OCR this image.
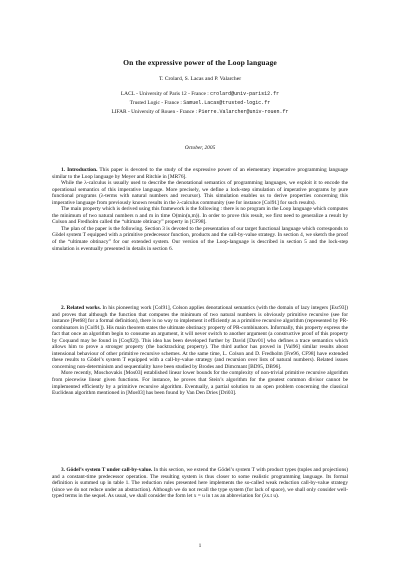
On the expressive power of the Loop language
T. Crolard, S. Lacas and P. Valarcher
LACL - University of Paris 12 - France : crolard@univ-paris12.fr
Trusted Logic - France : Samuel.Lacas@trusted-logic.fr
LIFAR - University of Rouen - France : Pierre.Valarcher@univ-rouen.fr
October, 2005

1. Introduction. This paper is devoted to the study of the expressive power of an elementary imperative programming language similar to the Loop language by Meyer and Ritchie in [MR76].

While the λ-calculus is usually used to describe the denotational semantics of programming languages, we exploit it to encode the operational semantics of this imperative language. More precisely, we define a lock-step simulation of imperative programs by pure functional programs (λ-terms with natural numbers and recursor). This simulation enables us to derive properties concerning this imperative language from previously known results in the λ-calculus community (see for instance [Col91] for such results).

The main property which is derived using this framework is the following : there is no program in the Loop language which computes the minimum of two natural numbers n and m in time O(min(n,m)). In order to prove this result, we first need to generalize a result by Colson and Fredholm called the “ultimate obtinacy” property in [CF98].

The plan of the paper is the following. Section 3 is devoted to the presentation of our target functional language which corresponds to Gödel system T equipped with a primitive predecessor function, products and the call-by-value strategy. In section 4, we sketch the proof of the “ultimate obtinacy” for our extended system. Our version of the Loop-language is described in section 5 and the lock-step simulation is eventually presented in details in section 6.

2. Related works. In his pioneering work [Col91], Colson applies denotational semantics (with the domain of lazy integers [Esc93]) and proves that although the function that computes the minimum of two natural numbers is obviously primitive recursive (see for instance [Pet68] for a formal definition), there is no way to implement it efficiently as a primitive recursive algorithm (represented by PR-combinators in [Col91]). His main theorem states the ultimate obstinacy property of PR-combinators. Informally, this property express the fact that once an algorithm begin to consume an argument, it will never switch to another argument (a constructive proof of this property by Coquand may be found in [Coq92]). This idea has been developed further by David [Dav01] who defines a trace semantics which allows him to prove a stronger property (the backtracking property). The third author has proved in [Val96] similar results about intensional behaviour of other primitive recursive schemes. At the same time, L. Colson and D. Fredholm [Fre96, CF98] have extended these results to Gödel’s system T equipped with a call-by-value strategy (and recursion over lists of natural numbers). Related issues concerning non-determinism and sequentiality have been studied by Brodes and Dimcmant [BD95, DB96].

More recently, Moschovakis [Mos03] established linear lower bounds for the complexity of non-trivial primitive recursive algorithm from piecewise linear given functions. For instance, he proves that Stein’s algorithm for the greatest common divisor cannot be implemented efficiently by a primitive recursive algorithm. Eventually, a partial solution to an open problem concerning the classical Euclidean algorithm mentioned in [Mos03] has been found by Van Den Dries [Dri03].

3. Gödel’s system T under call-by-value. In this section, we extend the Gödel’s system T with product types (tuples and projections) and a constant-time predecessor operation. The resulting system is thus closer to some realistic programming language. Its formal definition is summed up in table 1. The reduction rules presented here implements the so-called weak reduction call-by-value strategy (since we do not reduce under an abstraction). Although we do not recall the type system (for lack of space), we shall only consider well-typed terms in the sequel. As usual, we shall consider the form let x = u in t as an abbreviation for (λx.t u).

1
